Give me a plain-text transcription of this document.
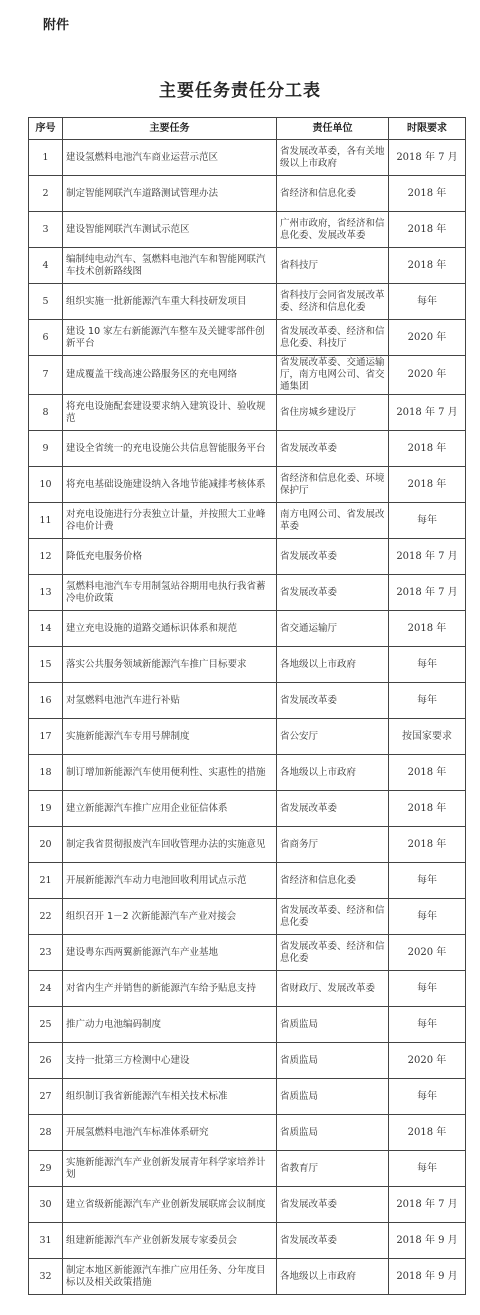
附件
主要任务责任分工表
序号	主要任务	责任单位	时限要求
1	建设氢燃料电池汽车商业运营示范区	省发展改革委，各有关地级以上市政府	2018 年 7 月
2	制定智能网联汽车道路测试管理办法	省经济和信息化委	2018 年
3	建设智能网联汽车测试示范区	广州市政府，省经济和信息化委、发展改革委	2018 年
4	编制纯电动汽车、氢燃料电池汽车和智能网联汽车技术创新路线图	省科技厅	2018 年
5	组织实施一批新能源汽车重大科技研发项目	省科技厅会同省发展改革委、经济和信息化委	每年
6	建设 10 家左右新能源汽车整车及关键零部件创新平台	省发展改革委、经济和信息化委、科技厅	2020 年
7	建成覆盖干线高速公路服务区的充电网络	省发展改革委、交通运输厅，南方电网公司、省交通集团	2020 年
8	将充电设施配套建设要求纳入建筑设计、验收规范	省住房城乡建设厅	2018 年 7 月
9	建设全省统一的充电设施公共信息智能服务平台	省发展改革委	2018 年
10	将充电基础设施建设纳入各地节能减排考核体系	省经济和信息化委、环境保护厅	2018 年
11	对充电设施进行分表独立计量，并按照大工业峰谷电价计费	南方电网公司、省发展改革委	每年
12	降低充电服务价格	省发展改革委	2018 年 7 月
13	氢燃料电池汽车专用制氢站谷期用电执行我省蓄冷电价政策	省发展改革委	2018 年 7 月
14	建立充电设施的道路交通标识体系和规范	省交通运输厅	2018 年
15	落实公共服务领域新能源汽车推广目标要求	各地级以上市政府	每年
16	对氢燃料电池汽车进行补贴	省发展改革委	每年
17	实施新能源汽车专用号牌制度	省公安厅	按国家要求
18	制订增加新能源汽车使用便利性、实惠性的措施	各地级以上市政府	2018 年
19	建立新能源汽车推广应用企业征信体系	省发展改革委	2018 年
20	制定我省贯彻报废汽车回收管理办法的实施意见	省商务厅	2018 年
21	开展新能源汽车动力电池回收利用试点示范	省经济和信息化委	每年
22	组织召开 1－2 次新能源汽车产业对接会	省发展改革委、经济和信息化委	每年
23	建设粤东西两翼新能源汽车产业基地	省发展改革委、经济和信息化委	2020 年
24	对省内生产并销售的新能源汽车给予贴息支持	省财政厅、发展改革委	每年
25	推广动力电池编码制度	省质监局	每年
26	支持一批第三方检测中心建设	省质监局	2020 年
27	组织制订我省新能源汽车相关技术标准	省质监局	每年
28	开展氢燃料电池汽车标准体系研究	省质监局	2018 年
29	实施新能源汽车产业创新发展青年科学家培养计划	省教育厅	每年
30	建立省级新能源汽车产业创新发展联席会议制度	省发展改革委	2018 年 7 月
31	组建新能源汽车产业创新发展专家委员会	省发展改革委	2018 年 9 月
32	制定本地区新能源汽车推广应用任务、分年度目标以及相关政策措施	各地级以上市政府	2018 年 9 月
